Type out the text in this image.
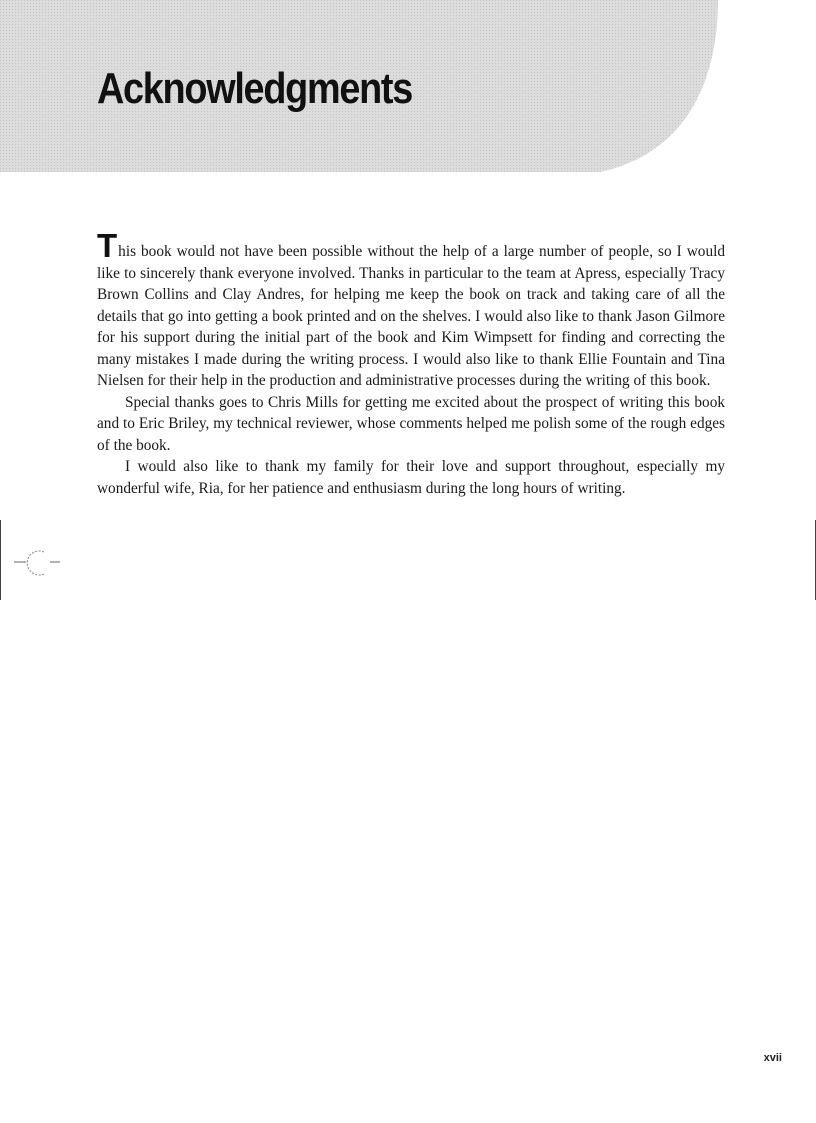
Acknowledgments

This book would not have been possible without the help of a large number of people, so I would like to sincerely thank everyone involved. Thanks in particular to the team at Apress, especially Tracy Brown Collins and Clay Andres, for helping me keep the book on track and taking care of all the details that go into getting a book printed and on the shelves. I would also like to thank Jason Gilmore for his support during the initial part of the book and Kim Wimpsett for finding and correcting the many mistakes I made during the writing process. I would also like to thank Ellie Fountain and Tina Nielsen for their help in the production and administrative processes during the writing of this book.

Special thanks goes to Chris Mills for getting me excited about the prospect of writing this book and to Eric Briley, my technical reviewer, whose comments helped me polish some of the rough edges of the book.

I would also like to thank my family for their love and support throughout, especially my wonderful wife, Ria, for her patience and enthusiasm during the long hours of writing.

xvii
